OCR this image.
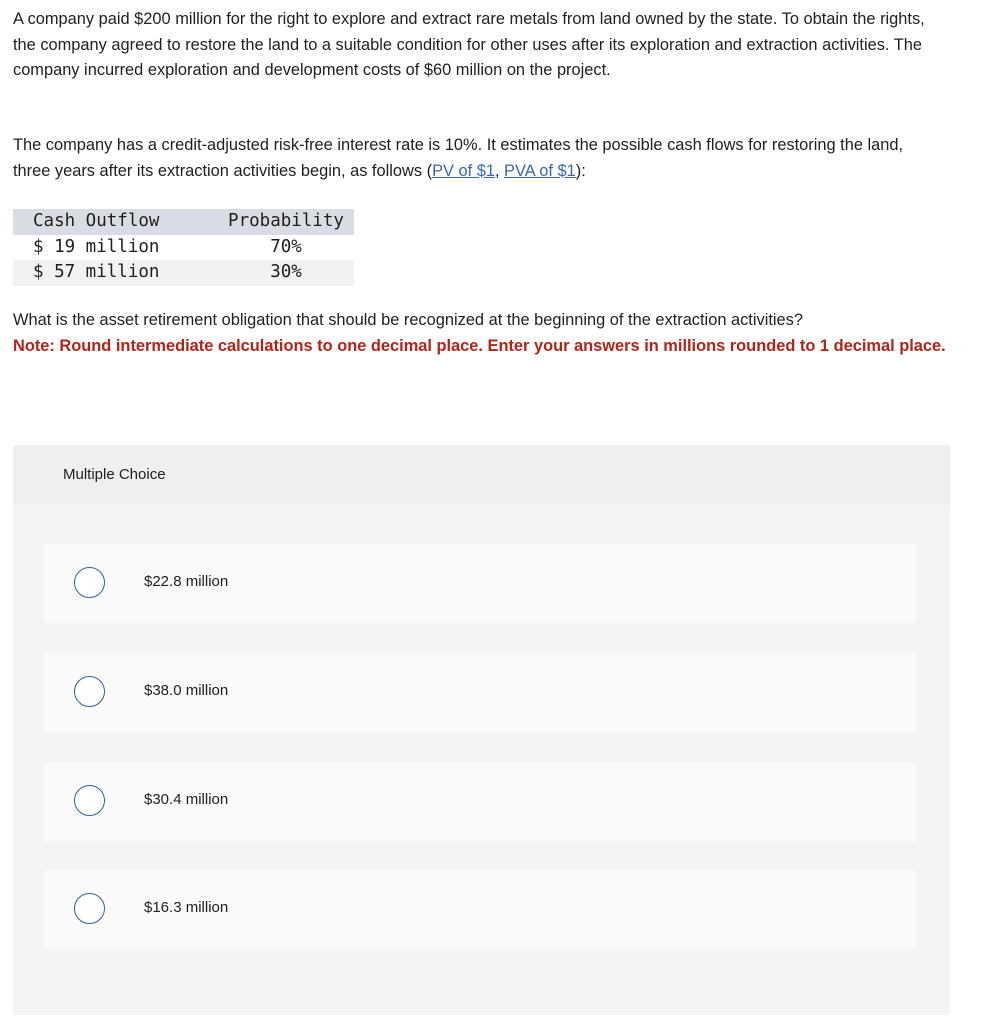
A company paid $200 million for the right to explore and extract rare metals from land owned by the state. To obtain the rights, the company agreed to restore the land to a suitable condition for other uses after its exploration and extraction activities. The company incurred exploration and development costs of $60 million on the project.

The company has a credit-adjusted risk-free interest rate is 10%. It estimates the possible cash flows for restoring the land, three years after its extraction activities begin, as follows (PV of $1, PVA of $1):

Cash Outflow	Probability
$ 19 million	70%
$ 57 million	30%

What is the asset retirement obligation that should be recognized at the beginning of the extraction activities?
Note: Round intermediate calculations to one decimal place. Enter your answers in millions rounded to 1 decimal place.

Multiple Choice
$22.8 million
$38.0 million
$30.4 million
$16.3 million
